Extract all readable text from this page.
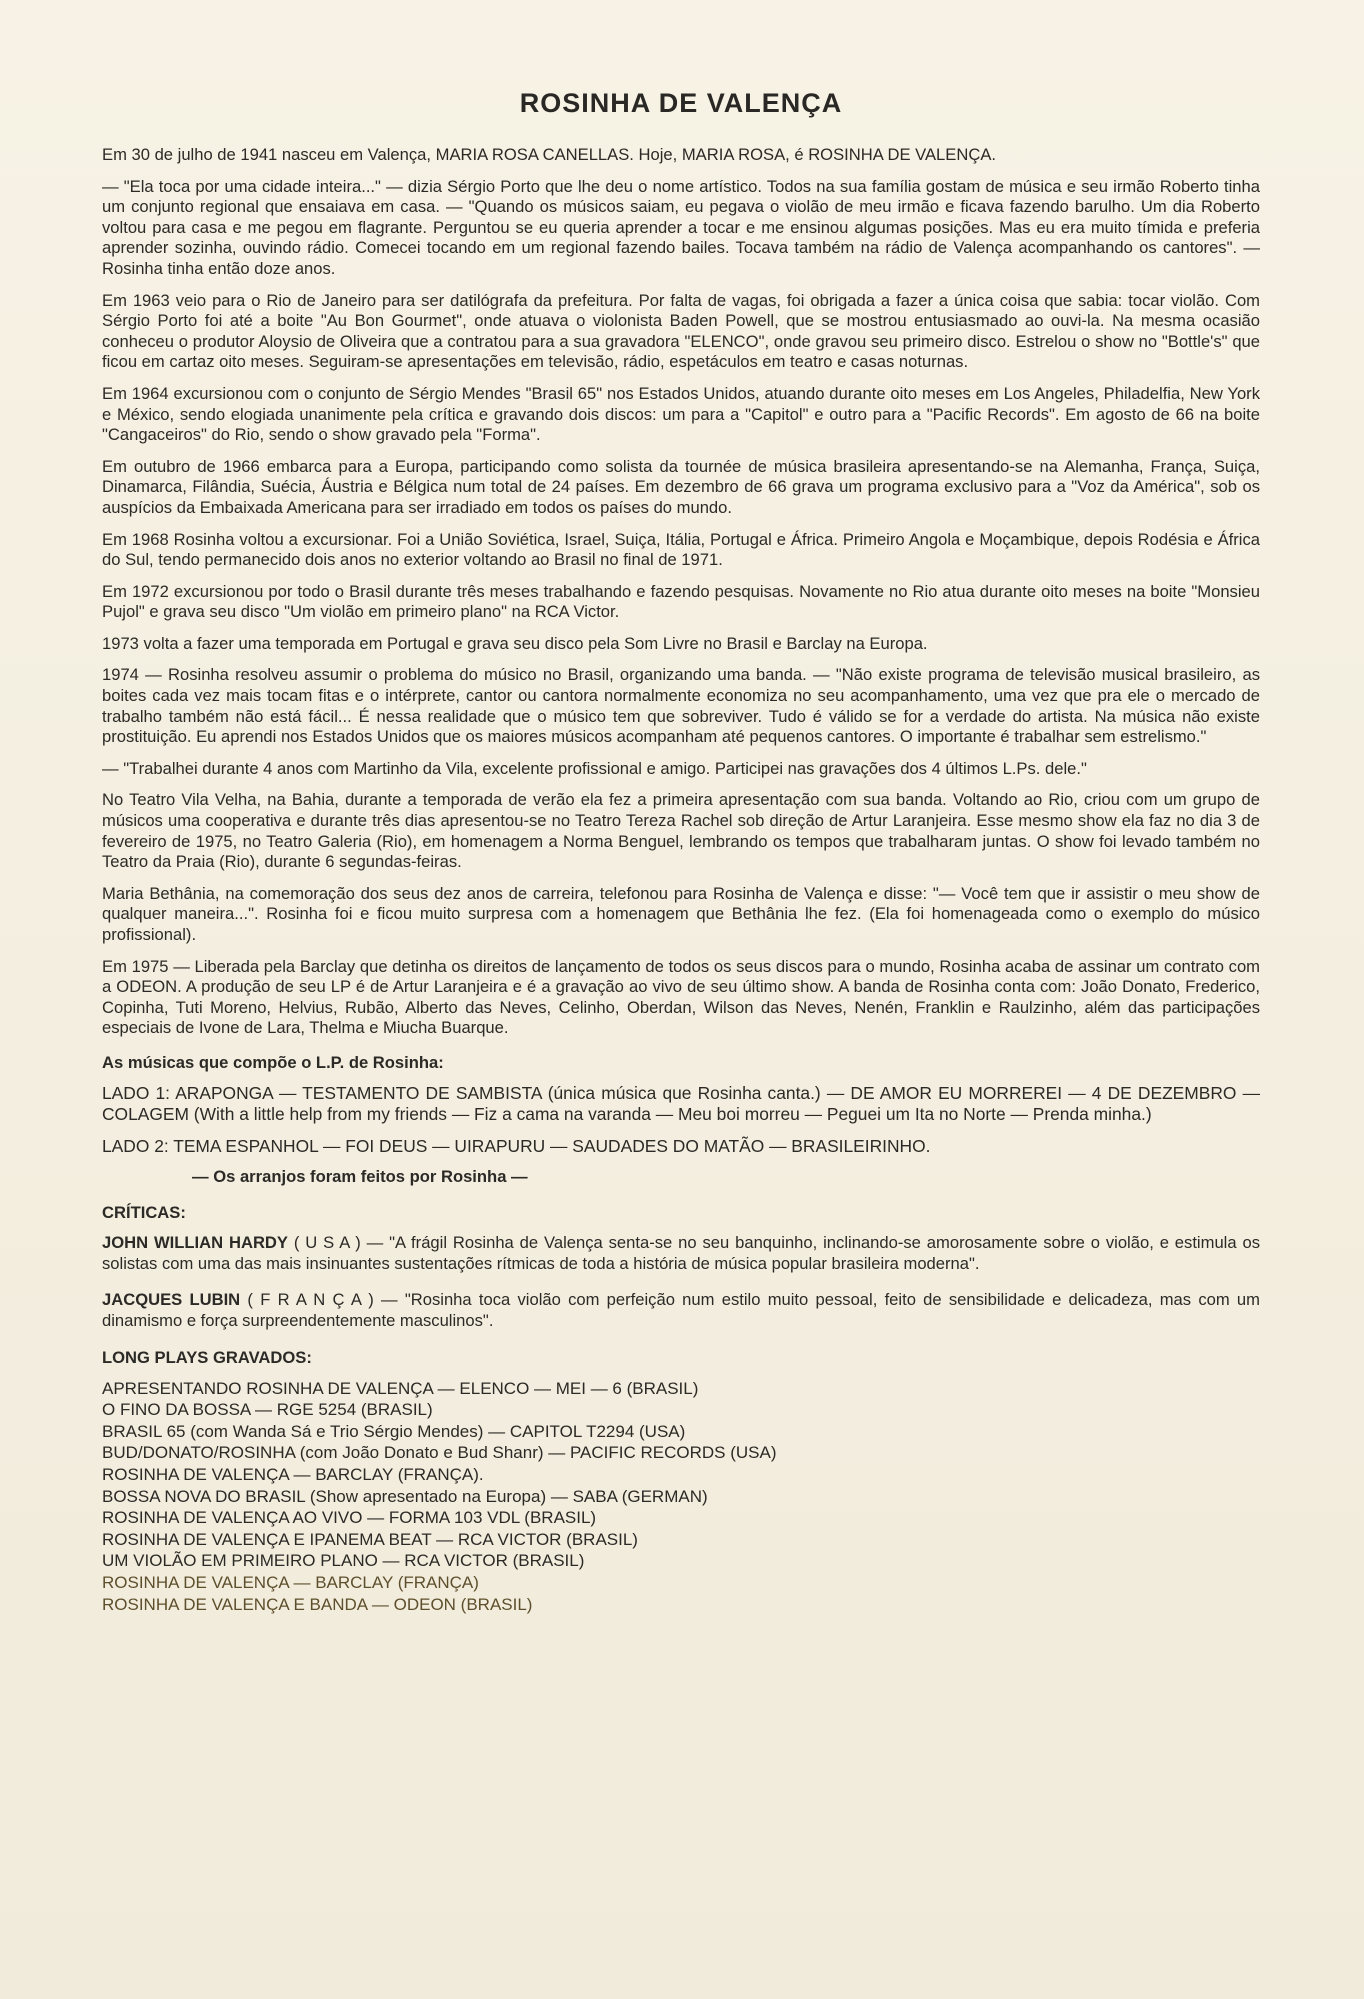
ROSINHA DE VALENÇA

Em 30 de julho de 1941 nasceu em Valença, MARIA ROSA CANELLAS. Hoje, MARIA ROSA, é ROSINHA DE VALENÇA.

— "Ela toca por uma cidade inteira..." — dizia Sérgio Porto que lhe deu o nome artístico. Todos na sua família gostam de música e seu irmão Roberto tinha um conjunto regional que ensaiava em casa. — "Quando os músicos saiam, eu pegava o violão de meu irmão e ficava fazendo barulho. Um dia Roberto voltou para casa e me pegou em flagrante. Perguntou se eu queria aprender a tocar e me ensinou algumas posições. Mas eu era muito tímida e preferia aprender sozinha, ouvindo rádio. Comecei tocando em um regional fazendo bailes. Tocava também na rádio de Valença acompanhando os cantores". — Rosinha tinha então doze anos.

Em 1963 veio para o Rio de Janeiro para ser datilógrafa da prefeitura. Por falta de vagas, foi obrigada a fazer a única coisa que sabia: tocar violão. Com Sérgio Porto foi até a boite "Au Bon Gourmet", onde atuava o violonista Baden Powell, que se mostrou entusiasmado ao ouvi-la. Na mesma ocasião conheceu o produtor Aloysio de Oliveira que a contratou para a sua gravadora "ELENCO", onde gravou seu primeiro disco. Estrelou o show no "Bottle's" que ficou em cartaz oito meses. Seguiram-se apresentações em televisão, rádio, espetáculos em teatro e casas noturnas.

Em 1964 excursionou com o conjunto de Sérgio Mendes "Brasil 65" nos Estados Unidos, atuando durante oito meses em Los Angeles, Philadelfia, New York e México, sendo elogiada unanimente pela crítica e gravando dois discos: um para a "Capitol" e outro para a "Pacific Records". Em agosto de 66 na boite "Cangaceiros" do Rio, sendo o show gravado pela "Forma".

Em outubro de 1966 embarca para a Europa, participando como solista da tournée de música brasileira apresentando-se na Alemanha, França, Suiça, Dinamarca, Filândia, Suécia, Áustria e Bélgica num total de 24 países. Em dezembro de 66 grava um programa exclusivo para a "Voz da América", sob os auspícios da Embaixada Americana para ser irradiado em todos os países do mundo.

Em 1968 Rosinha voltou a excursionar. Foi a União Soviética, Israel, Suiça, Itália, Portugal e África. Primeiro Angola e Moçambique, depois Rodésia e África do Sul, tendo permanecido dois anos no exterior voltando ao Brasil no final de 1971.

Em 1972 excursionou por todo o Brasil durante três meses trabalhando e fazendo pesquisas. Novamente no Rio atua durante oito meses na boite "Monsieu Pujol" e grava seu disco "Um violão em primeiro plano" na RCA Victor.

1973 volta a fazer uma temporada em Portugal e grava seu disco pela Som Livre no Brasil e Barclay na Europa.

1974 — Rosinha resolveu assumir o problema do músico no Brasil, organizando uma banda. — "Não existe programa de televisão musical brasileiro, as boites cada vez mais tocam fitas e o intérprete, cantor ou cantora normalmente economiza no seu acompanhamento, uma vez que pra ele o mercado de trabalho também não está fácil... É nessa realidade que o músico tem que sobreviver. Tudo é válido se for a verdade do artista. Na música não existe prostituição. Eu aprendi nos Estados Unidos que os maiores músicos acompanham até pequenos cantores. O importante é trabalhar sem estrelismo."

— "Trabalhei durante 4 anos com Martinho da Vila, excelente profissional e amigo. Participei nas gravações dos 4 últimos L.Ps. dele."

No Teatro Vila Velha, na Bahia, durante a temporada de verão ela fez a primeira apresentação com sua banda. Voltando ao Rio, criou com um grupo de músicos uma cooperativa e durante três dias apresentou-se no Teatro Tereza Rachel sob direção de Artur Laranjeira. Esse mesmo show ela faz no dia 3 de fevereiro de 1975, no Teatro Galeria (Rio), em homenagem a Norma Benguel, lembrando os tempos que trabalharam juntas. O show foi levado também no Teatro da Praia (Rio), durante 6 segundas-feiras.

Maria Bethânia, na comemoração dos seus dez anos de carreira, telefonou para Rosinha de Valença e disse: "— Você tem que ir assistir o meu show de qualquer maneira...". Rosinha foi e ficou muito surpresa com a homenagem que Bethânia lhe fez. (Ela foi homenageada como o exemplo do músico profissional).

Em 1975 — Liberada pela Barclay que detinha os direitos de lançamento de todos os seus discos para o mundo, Rosinha acaba de assinar um contrato com a ODEON. A produção de seu LP é de Artur Laranjeira e é a gravação ao vivo de seu último show. A banda de Rosinha conta com: João Donato, Frederico, Copinha, Tuti Moreno, Helvius, Rubão, Alberto das Neves, Celinho, Oberdan, Wilson das Neves, Nenén, Franklin e Raulzinho, além das participações especiais de Ivone de Lara, Thelma e Miucha Buarque.

As músicas que compõe o L.P. de Rosinha:

LADO 1: ARAPONGA — TESTAMENTO DE SAMBISTA (única música que Rosinha canta.) — DE AMOR EU MORREREI — 4 DE DEZEMBRO — COLAGEM (With a little help from my friends — Fiz a cama na varanda — Meu boi morreu — Peguei um Ita no Norte — Prenda minha.)

LADO 2: TEMA ESPANHOL — FOI DEUS — UIRAPURU — SAUDADES DO MATÃO — BRASILEIRINHO.

— Os arranjos foram feitos por Rosinha —
CRÍTICAS:

JOHN WILLIAN HARDY ( U S A ) — "A frágil Rosinha de Valença senta-se no seu banquinho, inclinando-se amorosamente sobre o violão, e estimula os solistas com uma das mais insinuantes sustentações rítmicas de toda a história de música popular brasileira moderna".

JACQUES LUBIN ( F R A N Ç A ) — "Rosinha toca violão com perfeição num estilo muito pessoal, feito de sensibilidade e delicadeza, mas com um dinamismo e força surpreendentemente masculinos".

LONG PLAYS GRAVADOS:
APRESENTANDO ROSINHA DE VALENÇA — ELENCO — MEI — 6 (BRASIL)
O FINO DA BOSSA — RGE 5254 (BRASIL)
BRASIL 65 (com Wanda Sá e Trio Sérgio Mendes) — CAPITOL T2294 (USA)
BUD/DONATO/ROSINHA (com João Donato e Bud Shanr) — PACIFIC RECORDS (USA)
ROSINHA DE VALENÇA — BARCLAY (FRANÇA).
BOSSA NOVA DO BRASIL (Show apresentado na Europa) — SABA (GERMAN)
ROSINHA DE VALENÇA AO VIVO — FORMA 103 VDL (BRASIL)
ROSINHA DE VALENÇA E IPANEMA BEAT — RCA VICTOR (BRASIL)
UM VIOLÃO EM PRIMEIRO PLANO — RCA VICTOR (BRASIL)
ROSINHA DE VALENÇA — BARCLAY (FRANÇA)
ROSINHA DE VALENÇA E BANDA — ODEON (BRASIL)
